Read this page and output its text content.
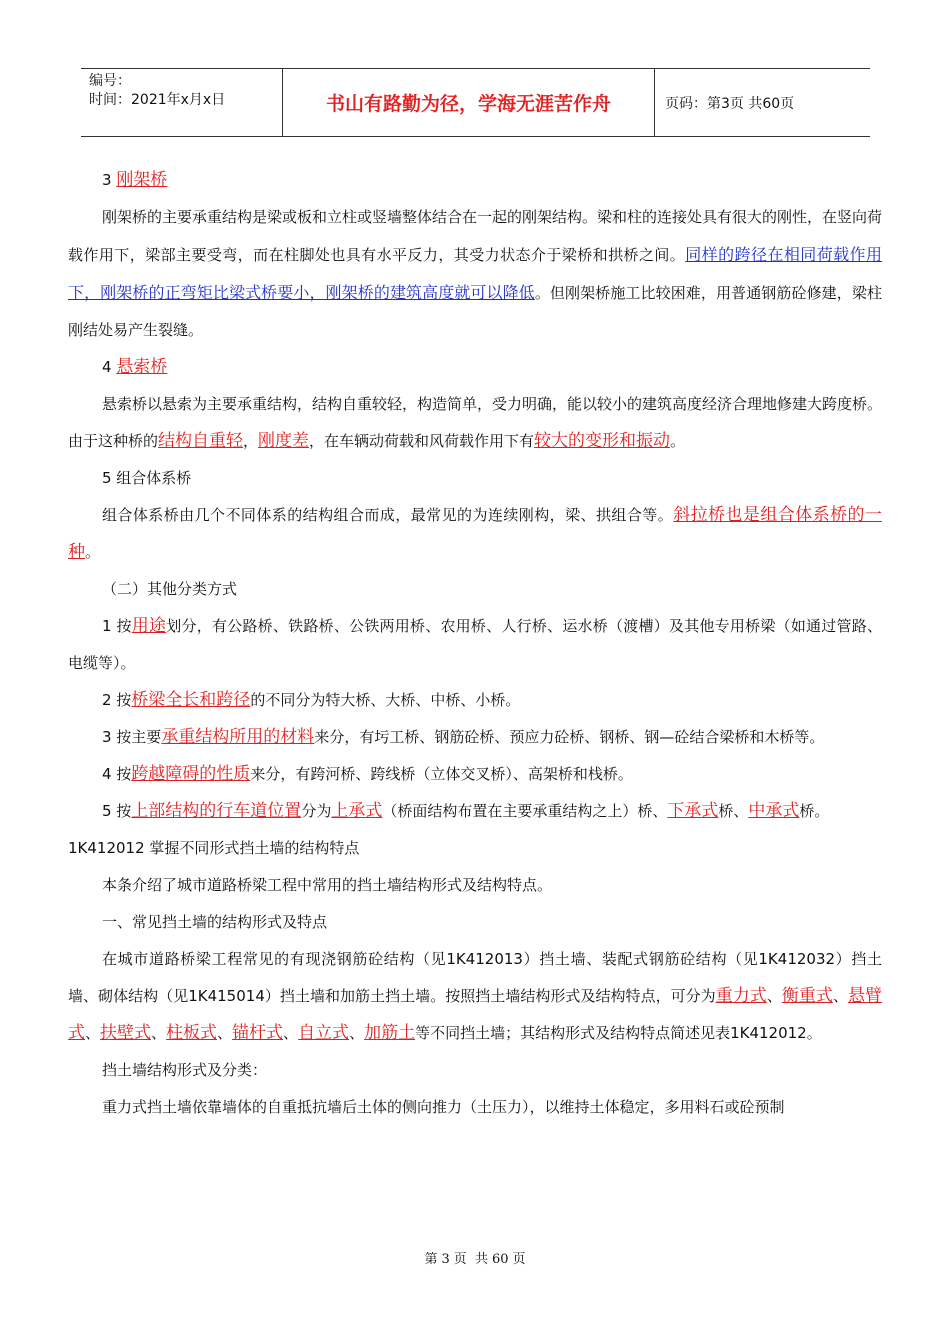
编号：
时间：2021年x月x日	书山有路勤为径，学海无涯苦作舟	页码：第3页 共60页

3 刚架桥

刚架桥的主要承重结构是梁或板和立柱或竖墙整体结合在一起的刚架结构。梁和柱的连接处具有很大的刚性，在竖向荷载作用下，梁部主要受弯，而在柱脚处也具有水平反力，其受力状态介于梁桥和拱桥之间。同样的跨径在相同荷载作用下，刚架桥的正弯矩比梁式桥要小，刚架桥的建筑高度就可以降低。但刚架桥施工比较困难，用普通钢筋砼修建，梁柱刚结处易产生裂缝。

4 悬索桥

悬索桥以悬索为主要承重结构，结构自重较轻，构造简单，受力明确，能以较小的建筑高度经济合理地修建大跨度桥。由于这种桥的结构自重轻，刚度差，在车辆动荷载和风荷载作用下有较大的变形和振动。

5 组合体系桥

组合体系桥由几个不同体系的结构组合而成，最常见的为连续刚构，梁、拱组合等。斜拉桥也是组合体系桥的一种。

（二）其他分类方式

1 按用途划分，有公路桥、铁路桥、公铁两用桥、农用桥、人行桥、运水桥（渡槽）及其他专用桥梁（如通过管路、电缆等）。

2 按桥梁全长和跨径的不同分为特大桥、大桥、中桥、小桥。

3 按主要承重结构所用的材料来分，有圬工桥、钢筋砼桥、预应力砼桥、钢桥、钢—砼结合梁桥和木桥等。

4 按跨越障碍的性质来分，有跨河桥、跨线桥（立体交叉桥）、高架桥和栈桥。

5 按上部结构的行车道位置分为上承式（桥面结构布置在主要承重结构之上）桥、下承式桥、中承式桥。

1K412012 掌握不同形式挡土墙的结构特点

本条介绍了城市道路桥梁工程中常用的挡土墙结构形式及结构特点。

一、常见挡土墙的结构形式及特点

在城市道路桥梁工程常见的有现浇钢筋砼结构（见1K412013）挡土墙、装配式钢筋砼结构（见1K412032）挡土墙、砌体结构（见1K415014）挡土墙和加筋土挡土墙。按照挡土墙结构形式及结构特点，可分为重力式、衡重式、悬臂式、扶壁式、柱板式、锚杆式、自立式、加筋土等不同挡土墙；其结构形式及结构特点简述见表1K412012。

挡土墙结构形式及分类：

重力式挡土墙依靠墙体的自重抵抗墙后土体的侧向推力（土压力），以维持土体稳定，多用料石或砼预制

第 3 页 共 60 页
